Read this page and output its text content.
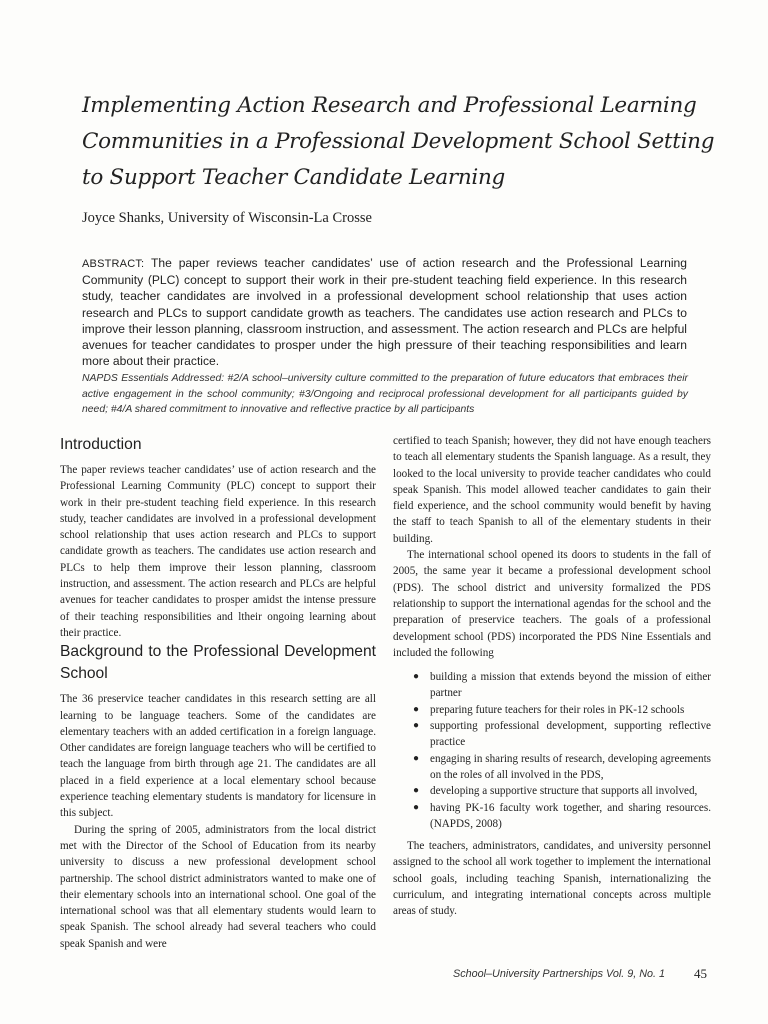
Implementing Action Research and Professional Learning Communities in a Professional Development School Setting to Support Teacher Candidate Learning
Joyce Shanks, University of Wisconsin-La Crosse

ABSTRACT: The paper reviews teacher candidates’ use of action research and the Professional Learning Community (PLC) concept to support their work in their pre-student teaching field experience. In this research study, teacher candidates are involved in a professional development school relationship that uses action research and PLCs to support candidate growth as teachers. The candidates use action research and PLCs to improve their lesson planning, classroom instruction, and assessment. The action research and PLCs are helpful avenues for teacher candidates to prosper under the high pressure of their teaching responsibilities and learn more about their practice.

NAPDS Essentials Addressed: #2/A school–university culture committed to the preparation of future educators that embraces their active engagement in the school community; #3/Ongoing and reciprocal professional development for all participants guided by need; #4/A shared commitment to innovative and reflective practice by all participants

Introduction

The paper reviews teacher candidates’ use of action research and the Professional Learning Community (PLC) concept to support their work in their pre-student teaching field experience. In this research study, teacher candidates are involved in a professional development school relationship that uses action research and PLCs to support candidate growth as teachers. The candidates use action research and PLCs to help them improve their lesson planning, classroom instruction, and assessment. The action research and PLCs are helpful avenues for teacher candidates to prosper amidst the intense pressure of their teaching responsibilities and ltheir ongoing learning about their practice.

Background to the Professional Development School

The 36 preservice teacher candidates in this research setting are all learning to be language teachers. Some of the candidates are elementary teachers with an added certification in a foreign language. Other candidates are foreign language teachers who will be certified to teach the language from birth through age 21. The candidates are all placed in a field experience at a local elementary school because experience teaching elementary students is mandatory for licensure in this subject.

During the spring of 2005, administrators from the local district met with the Director of the School of Education from its nearby university to discuss a new professional development school partnership. The school district administrators wanted to make one of their elementary schools into an international school. One goal of the international school was that all elementary students would learn to speak Spanish. The school already had several teachers who could speak Spanish and were

certified to teach Spanish; however, they did not have enough teachers to teach all elementary students the Spanish language. As a result, they looked to the local university to provide teacher candidates who could speak Spanish. This model allowed teacher candidates to gain their field experience, and the school community would benefit by having the staff to teach Spanish to all of the elementary students in their building.

The international school opened its doors to students in the fall of 2005, the same year it became a professional development school (PDS). The school district and university formalized the PDS relationship to support the international agendas for the school and the preparation of preservice teachers. The goals of a professional development school (PDS) incorporated the PDS Nine Essentials and included the following

● building a mission that extends beyond the mission of either partner
● preparing future teachers for their roles in PK-12 schools
● supporting professional development, supporting reflective practice
● engaging in sharing results of research, developing agreements on the roles of all involved in the PDS,
● developing a supportive structure that supports all involved,
● having PK-16 faculty work together, and sharing resources. (NAPDS, 2008)

The teachers, administrators, candidates, and university personnel assigned to the school all work together to implement the international school goals, including teaching Spanish, internationalizing the curriculum, and integrating international concepts across multiple areas of study.

School–University Partnerships Vol. 9, No. 1 45
